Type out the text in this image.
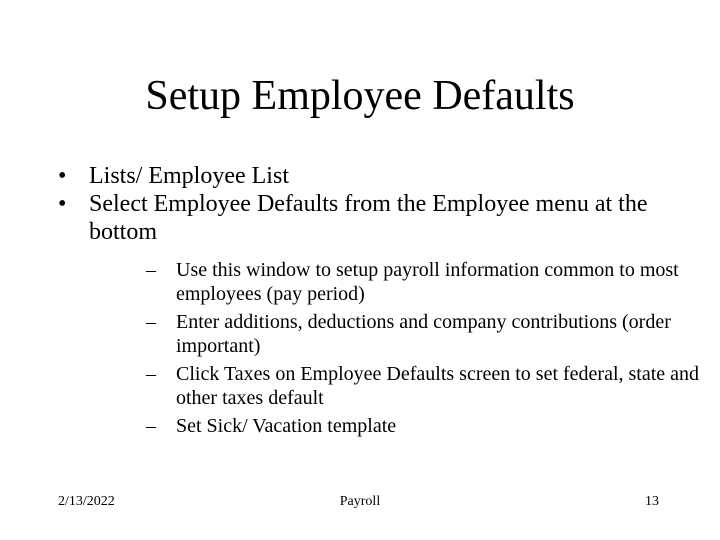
Setup Employee Defaults
• Lists/ Employee List
• Select Employee Defaults from the Employee menu at the bottom
– Use this window to setup payroll information common to most employees (pay period)
– Enter additions, deductions and company contributions (order important)
– Click Taxes on Employee Defaults screen to set federal, state and other taxes default
– Set Sick/ Vacation template
2/13/2022	Payroll	13
